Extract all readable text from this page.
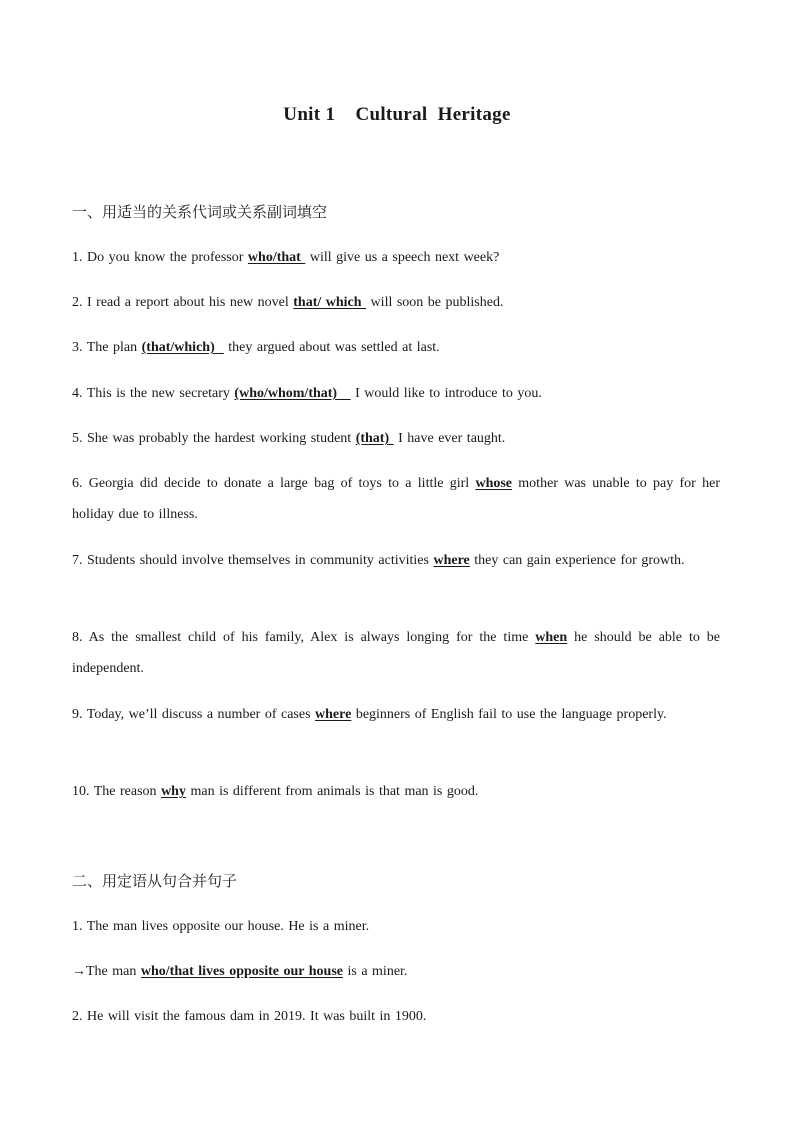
Unit 1    Cultural  Heritage
一、用适当的关系代词或关系副词填空
1. Do you know the professor who/that  will give us a speech next week?
2. I read a report about his new novel that/ which  will soon be published.
3. The plan (that/which)   they argued about was settled at last.
4. This is the new secretary (who/whom/that)    I would like to introduce to you.
5. She was probably the hardest working student (that)  I have ever taught.
6. Georgia did decide to donate a large bag of toys to a little girl whose mother was unable to pay for her holiday due to illness.
7. Students should involve themselves in community activities where they can gain experience for growth.
8. As the smallest child of his family, Alex is always longing for the time when he should be able to be independent.
9. Today, we’ll discuss a number of cases where beginners of English fail to use the language properly.
10. The reason why man is different from animals is that man is good.
二、用定语从句合并句子
1. The man lives opposite our house. He is a miner.
→The man who/that lives opposite our house is a miner.
2. He will visit the famous dam in 2019. It was built in 1900.
